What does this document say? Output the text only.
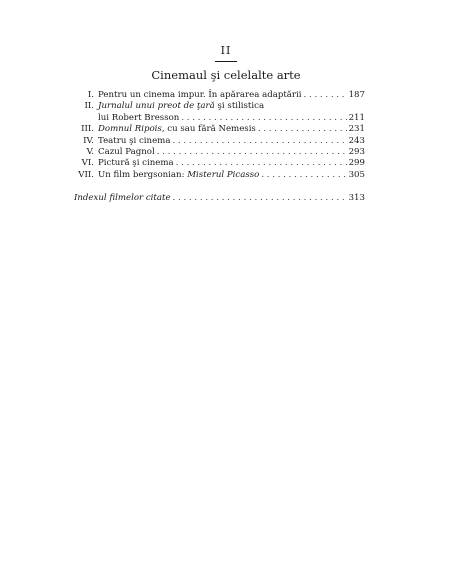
II
Cinemaul şi celelalte arte
I. Pentru un cinema impur. În apărarea adaptării . . .	187
II. Jurnalul unui preot de ţară şi stilistica
lui Robert Bresson . . .	211
III. Domnul Ripois, cu sau fără Nemesis . . .	231
IV. Teatru şi cinema . . .	243
V. Cazul Pagnol . . .	293
VI. Pictură şi cinema . . .	299
VII. Un film bergsonian: Misterul Picasso . . .	305
Indexul filmelor citate . . .	313
